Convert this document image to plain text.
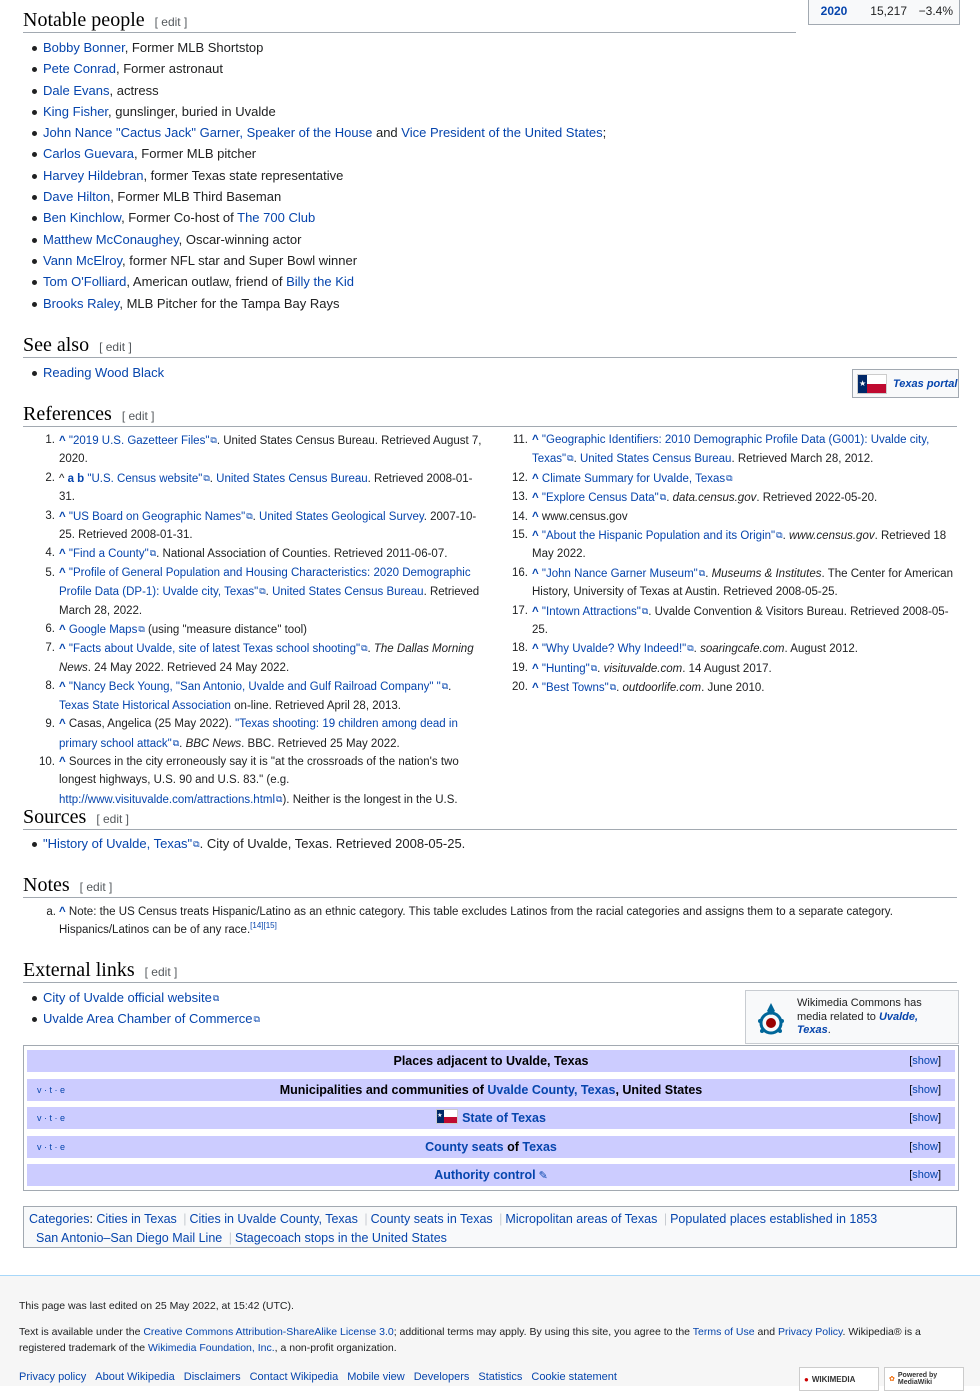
2020	15,217 −3.4%
Notable people [ edit ]
Bobby Bonner, Former MLB Shortstop
Pete Conrad, Former astronaut
Dale Evans, actress
King Fisher, gunslinger, buried in Uvalde
John Nance "Cactus Jack" Garner, Speaker of the House and Vice President of the United States;
Carlos Guevara, Former MLB pitcher
Harvey Hildebran, former Texas state representative
Dave Hilton, Former MLB Third Baseman
Ben Kinchlow, Former Co-host of The 700 Club
Matthew McConaughey, Oscar-winning actor
Vann McElroy, former NFL star and Super Bowl winner
Tom O'Folliard, American outlaw, friend of Billy the Kid
Brooks Raley, MLB Pitcher for the Tampa Bay Rays
See also [ edit ]
Reading Wood Black
★ Texas portal
References [ edit ]
1. ^ "2019 U.S. Gazetteer Files" ⧉ . United States Census Bureau. Retrieved August 7, 2020.
2. ^ a b "U.S. Census website" ⧉ . United States Census Bureau. Retrieved 2008-01-31.
3. ^ "US Board on Geographic Names" ⧉ . United States Geological Survey. 2007-10-25. Retrieved 2008-01-31.
4. ^ "Find a County" ⧉ . National Association of Counties. Retrieved 2011-06-07.
5. ^ "Profile of General Population and Housing Characteristics: 2020 Demographic Profile Data (DP-1): Uvalde city, Texas" ⧉ . United States Census Bureau. Retrieved March 28, 2022.
6. ^ Google Maps ⧉ (using "measure distance" tool)
7. ^ "Facts about Uvalde, site of latest Texas school shooting" ⧉ . The Dallas Morning News. 24 May 2022. Retrieved 24 May 2022.
8. ^ "Nancy Beck Young, "San Antonio, Uvalde and Gulf Railroad Company" " ⧉ . Texas State Historical Association on-line. Retrieved April 28, 2013.
9. ^ Casas, Angelica (25 May 2022). "Texas shooting: 19 children among dead in primary school attack" ⧉ . BBC News. BBC. Retrieved 25 May 2022.
10. ^ Sources in the city erroneously say it is "at the crossroads of the nation's two longest highways, U.S. 90 and U.S. 83." (e.g. http://www.visituvalde.com/attractions.html ⧉ ). Neither is the longest in the U.S.
11. ^ "Geographic Identifiers: 2010 Demographic Profile Data (G001): Uvalde city, Texas" ⧉ . United States Census Bureau. Retrieved March 28, 2012.
12. ^ Climate Summary for Uvalde, Texas ⧉
13. ^ "Explore Census Data" ⧉ . data.census.gov. Retrieved 2022-05-20.
14. ^ www.census.gov
15. ^ "About the Hispanic Population and its Origin" ⧉ . www.census.gov. Retrieved 18 May 2022.
16. ^ "John Nance Garner Museum" ⧉ . Museums & Institutes. The Center for American History, University of Texas at Austin. Retrieved 2008-05-25.
17. ^ "Intown Attractions" ⧉ . Uvalde Convention & Visitors Bureau. Retrieved 2008-05-25.
18. ^ "Why Uvalde? Why Indeed!" ⧉ . soaringcafe.com. August 2012.
19. ^ "Hunting" ⧉ . visituvalde.com. 14 August 2017.
20. ^ "Best Towns" ⧉ . outdoorlife.com. June 2010.
Sources [ edit ]
"History of Uvalde, Texas" ⧉ . City of Uvalde, Texas. Retrieved 2008-05-25.
Notes [ edit ]
a. ^ Note: the US Census treats Hispanic/Latino as an ethnic category. This table excludes Latinos from the racial categories and assigns them to a separate category. Hispanics/Latinos can be of any race.[14][15]
External links [ edit ]
City of Uvalde official website ⧉
Uvalde Area Chamber of Commerce ⧉
Wikimedia Commons has media related to Uvalde, Texas.
Places adjacent to Uvalde, Texas	[show]
v · t · e	Municipalities and communities of Uvalde County, Texas, United States	[show]
v · t · e	★ State of Texas	[show]
v · t · e	County seats of Texas	[show]
Authority control ✎	[show]
Categories: Cities in Texas | Cities in Uvalde County, Texas | County seats in Texas | Micropolitan areas of Texas | Populated places established in 1853
San Antonio–San Diego Mail Line | Stagecoach stops in the United States
This page was last edited on 25 May 2022, at 15:42 (UTC).
Text is available under the Creative Commons Attribution-ShareAlike License 3.0; additional terms may apply. By using this site, you agree to the Terms of Use and Privacy Policy. Wikipedia® is a registered trademark of the Wikimedia Foundation, Inc., a non-profit organization.
Privacy policy About Wikipedia Disclaimers Contact Wikipedia Mobile view Developers Statistics Cookie statement	● WIKIMEDIA	✿
Powered by MediaWiki
